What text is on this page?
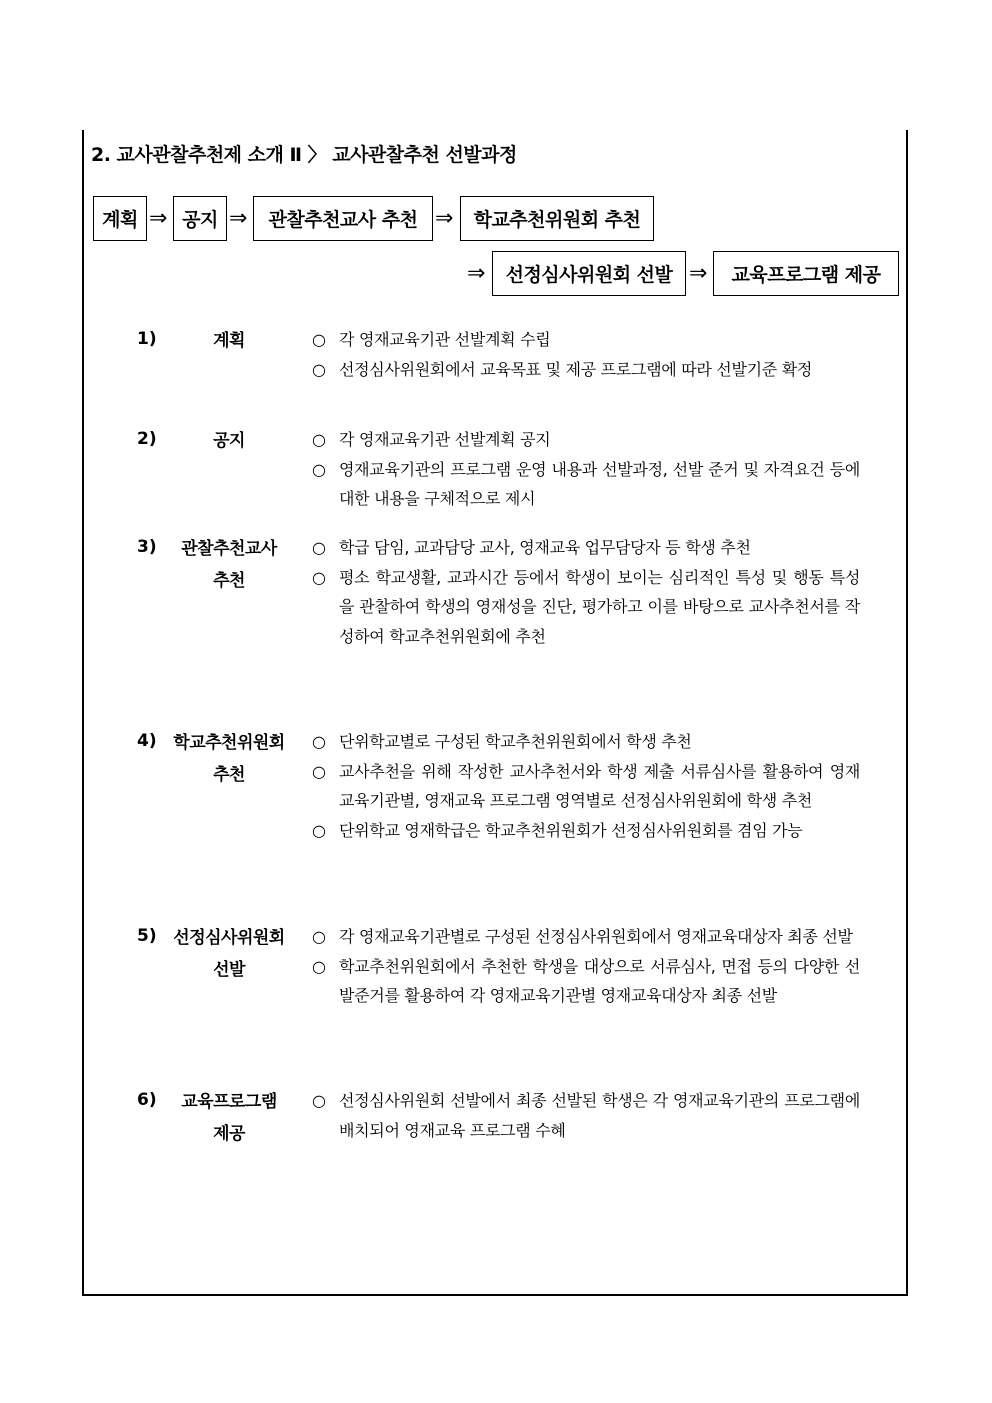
2. 교사관찰추천제 소개 Ⅱ 〉 교사관찰추천 선발과정
계획 ⇒ 공지 ⇒	관찰추천교사 추천 ⇒	학교추천위원회 추천
⇒	선정심사위원회 선발 ⇒	교육프로그램 제공
1)	계획	○ 각 영재교육기관 선발계획 수립
○ 선정심사위원회에서 교육목표 및 제공 프로그램에 따라 선발기준 확정
2)	공지	○ 각 영재교육기관 선발계획 공지
○ 영재교육기관의 프로그램 운영 내용과 선발과정, 선발 준거 및 자격요건 등에 대한 내용을 구체적으로 제시
3)	관찰추천교사
추천
○ 학급 담임, 교과담당 교사, 영재교육 업무담당자 등 학생 추천
○ 평소 학교생활, 교과시간 등에서 학생이 보이는 심리적인 특성 및 행동 특성을 관찰하여 학생의 영재성을 진단, 평가하고 이를 바탕으로 교사추천서를 작성하여 학교추천위원회에 추천
4) 학교추천위원회
추천
○ 단위학교별로 구성된 학교추천위원회에서 학생 추천
○ 교사추천을 위해 작성한 교사추천서와 학생 제출 서류심사를 활용하여 영재교육기관별, 영재교육 프로그램 영역별로 선정심사위원회에 학생 추천
○ 단위학교 영재학급은 학교추천위원회가 선정심사위원회를 겸임 가능
5) 선정심사위원회
선발
○ 각 영재교육기관별로 구성된 선정심사위원회에서 영재교육대상자 최종 선발
○ 학교추천위원회에서 추천한 학생을 대상으로 서류심사, 면접 등의 다양한 선발준거를 활용하여 각 영재교육기관별 영재교육대상자 최종 선발
6)	교육프로그램
제공
○ 선정심사위원회 선발에서 최종 선발된 학생은 각 영재교육기관의 프로그램에 배치되어 영재교육 프로그램 수혜
